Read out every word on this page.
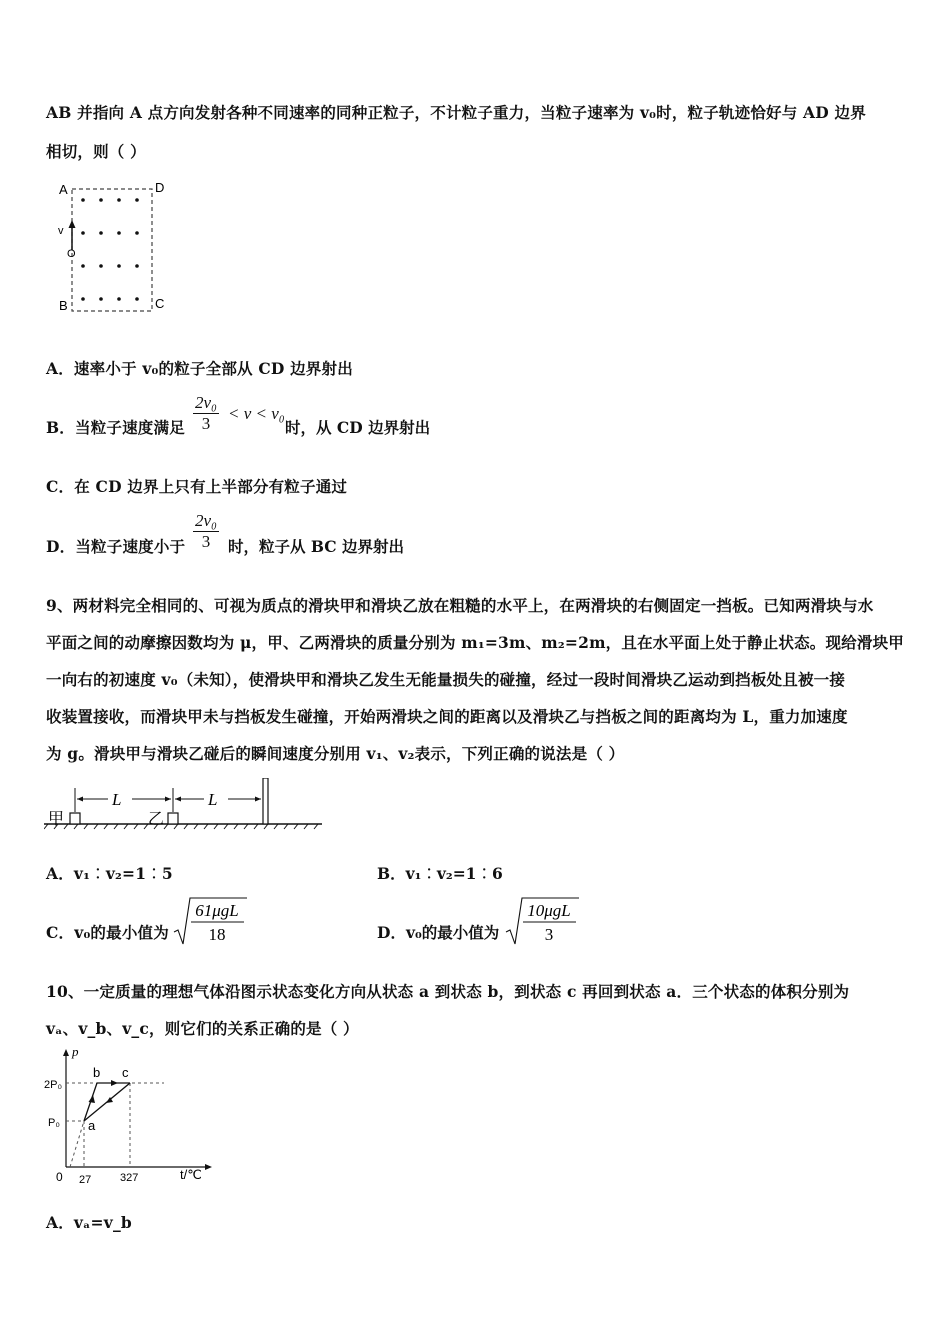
AB 并指向 A 点方向发射各种不同速率的同种正粒子，不计粒子重力，当粒子速率为 v₀时，粒子轨迹恰好与 AD 边界
相切，则（ ）
A	D
v
O
B	C
A．速率小于 v₀的粒子全部从 CD 边界射出
B．当粒子速度满足 $\frac{\text{2v₀}}{3} < v < v_0$
时，从 CD 边界射出
C．在 CD 边界上只有上半部分有粒子通过
D．当粒子速度小于 $\frac{\text{2v₀}}{3}$ 时，粒子从 BC 边界射出
9、两材料完全相同的、可视为质点的滑块甲和滑块乙放在粗糙的水平上，在两滑块的右侧固定一挡板。已知两滑块与水
平面之间的动摩擦因数均为 μ，甲、乙两滑块的质量分别为 m₁=3m、m₂=2m，且在水平面上处于静止状态。现给滑块甲
一向右的初速度 v₀（未知），使滑块甲和滑块乙发生无能量损失的碰撞，经过一段时间滑块乙运动到挡板处且被一接
收装置接收，而滑块甲未与挡板发生碰撞，开始两滑块之间的距离以及滑块乙与挡板之间的距离均为 L，重力加速度
为 g。滑块甲与滑块乙碰后的瞬间速度分别用 v₁、v₂表示，下列正确的说法是（ ）
L	L
甲	乙
A．v₁︰v₂=1︰5	B．v₁︰v₂=1︰6
C．v₀的最小值为
61μgL
18	D．v₀的最小值为
10μgL
3
10、一定质量的理想气体沿图示状态变化方向从状态 a 到状态 b，到状态 c 再回到状态 a．三个状态的体积分别为
vₐ、v_b、v_c，则它们的关系正确的是（ ）
p
2P₀
P₀
0 27	327	t/℃
a
b c
A．vₐ=v_b
